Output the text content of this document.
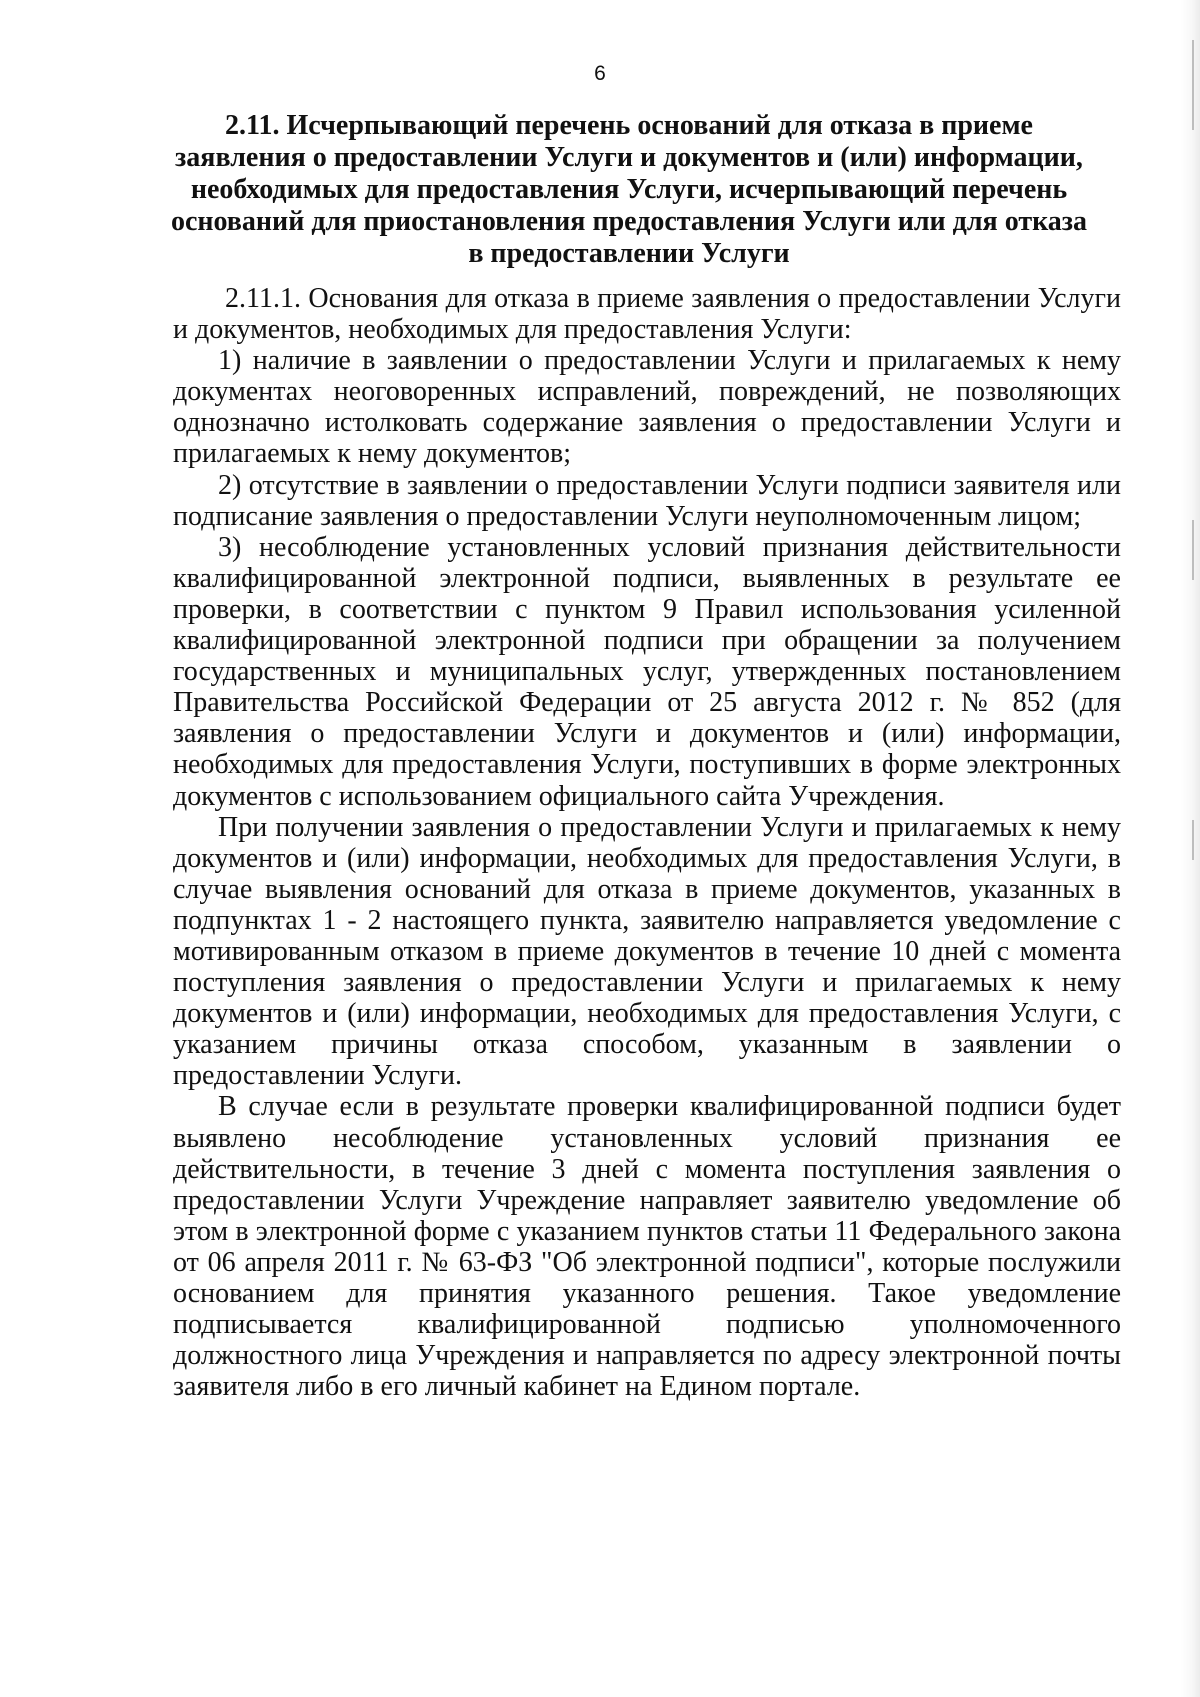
6
2.11. Исчерпывающий перечень оснований для отказа в приеме заявления о предоставлении Услуги и документов и (или) информации, необходимых для предоставления Услуги, исчерпывающий перечень оснований для приостановления предоставления Услуги или для отказа в предоставлении Услуги

2.11.1. Основания для отказа в приеме заявления о предоставлении Услуги и документов, необходимых для предоставления Услуги:

1) наличие в заявлении о предоставлении Услуги и прилагаемых к нему документах неоговоренных исправлений, повреждений, не позволяющих однозначно истолковать содержание заявления о предоставлении Услуги и прилагаемых к нему документов;

2) отсутствие в заявлении о предоставлении Услуги подписи заявителя или подписание заявления о предоставлении Услуги неуполномоченным лицом;

3) несоблюдение установленных условий признания действительности квалифицированной электронной подписи, выявленных в результате ее проверки, в соответствии с пунктом 9 Правил использования усиленной квалифицированной электронной подписи при обращении за получением государственных и муниципальных услуг, утвержденных постановлением Правительства Российской Федерации от 25 августа 2012 г. № 852 (для заявления о предоставлении Услуги и документов и (или) информации, необходимых для предоставления Услуги, поступивших в форме электронных документов с использованием официального сайта Учреждения.

При получении заявления о предоставлении Услуги и прилагаемых к нему документов и (или) информации, необходимых для предоставления Услуги, в случае выявления оснований для отказа в приеме документов, указанных в подпунктах 1 - 2 настоящего пункта, заявителю направляется уведомление с мотивированным отказом в приеме документов в течение 10 дней с момента поступления заявления о предоставлении Услуги и прилагаемых к нему документов и (или) информации, необходимых для предоставления Услуги, с указанием причины отказа способом, указанным в заявлении о предоставлении Услуги.

В случае если в результате проверки квалифицированной подписи будет выявлено несоблюдение установленных условий признания ее действительности, в течение 3 дней с момента поступления заявления о предоставлении Услуги Учреждение направляет заявителю уведомление об этом в электронной форме с указанием пунктов статьи 11 Федерального закона от 06 апреля 2011 г. № 63-ФЗ "Об электронной подписи", которые послужили основанием для принятия указанного решения. Такое уведомление подписывается квалифицированной подписью уполномоченного должностного лица Учреждения и направляется по адресу электронной почты заявителя либо в его личный кабинет на Едином портале.
